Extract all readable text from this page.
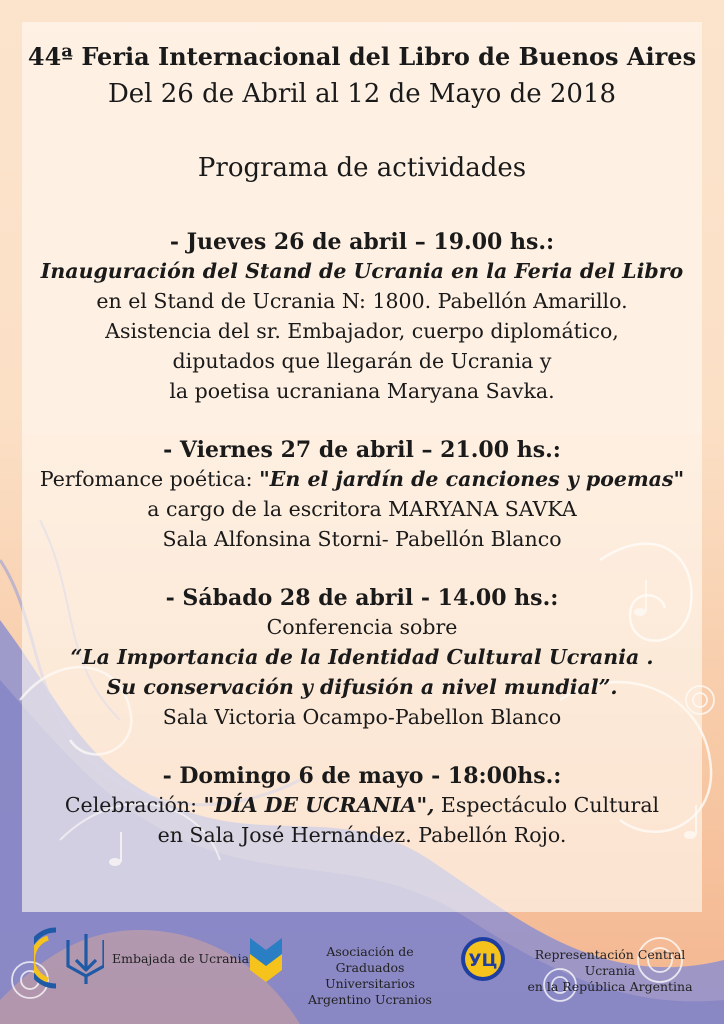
44ª Feria Internacional del Libro de Buenos Aires

Del 26 de Abril al 12 de Mayo de 2018

Programa de actividades

- Jueves 26 de abril – 19.00 hs.:

Inauguración del Stand de Ucrania en la Feria del Libro

en el Stand de Ucrania N: 1800. Pabellón Amarillo.

Asistencia del sr. Embajador, cuerpo diplomático,

diputados que llegarán de Ucrania y

la poetisa ucraniana Maryana Savka.

- Viernes 27 de abril – 21.00 hs.:

Perfomance poética: "En el jardín de canciones y poemas"

a cargo de la escritora MARYANA SAVKA

Sala Alfonsina Storni- Pabellón Blanco

- Sábado 28 de abril - 14.00 hs.:

Conferencia sobre

“La Importancia de la Identidad Cultural Ucrania .

Su conservación y difusión a nivel mundial”.

Sala Victoria Ocampo-Pabellon Blanco

- Domingo 6 de mayo - 18:00hs.:

Celebración: "DÍA DE UCRANIA", Espectáculo Cultural

en Sala José Hernández. Pabellón Rojo.

Embajada de Ucrania	Asociación de Graduados
Universitarios
Argentino Ucranios
УЦ	Representación Central Ucrania
en la República Argentina
